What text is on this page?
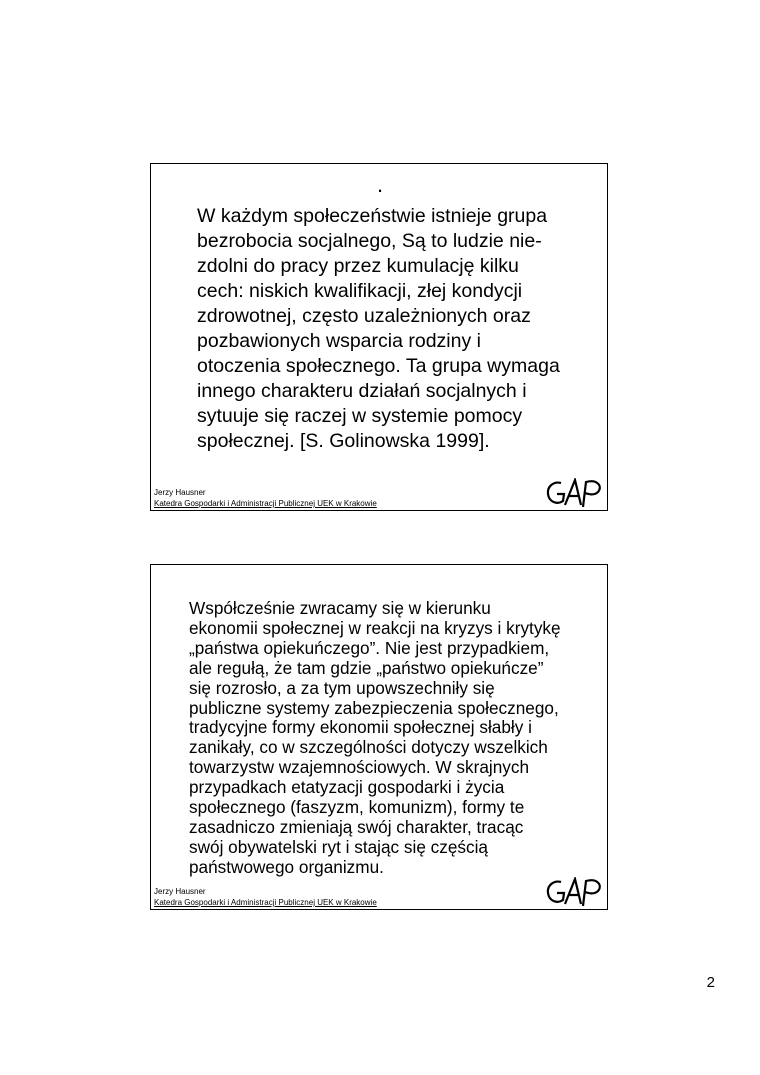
.

W każdym społeczeństwie istnieje grupa
bezrobocia socjalnego, Są to ludzie nie-
zdolni do pracy przez kumulację kilku
cech: niskich kwalifikacji, złej kondycji
zdrowotnej, często uzależnionych oraz
pozbawionych wsparcia rodziny i
otoczenia społecznego. Ta grupa wymaga
innego charakteru działań socjalnych i
sytuuje się raczej w systemie pomocy
społecznej. [S. Golinowska 1999].

Jerzy Hausner
Katedra Gospodarki i Administracji Publicznej UEK w Krakowie

Współcześnie zwracamy się w kierunku
ekonomii społecznej w reakcji na kryzys i krytykę
„państwa opiekuńczego”. Nie jest przypadkiem,
ale regułą, że tam gdzie „państwo opiekuńcze”
się rozrosło, a za tym upowszechniły się
publiczne systemy zabezpieczenia społecznego,
tradycyjne formy ekonomii społecznej słabły i
zanikały, co w szczególności dotyczy wszelkich
towarzystw wzajemnościowych. W skrajnych
przypadkach etatyzacji gospodarki i życia
społecznego (faszyzm, komunizm), formy te
zasadniczo zmieniają swój charakter, tracąc
swój obywatelski ryt i stając się częścią
państwowego organizmu.

Jerzy Hausner
Katedra Gospodarki i Administracji Publicznej UEK w Krakowie
2
